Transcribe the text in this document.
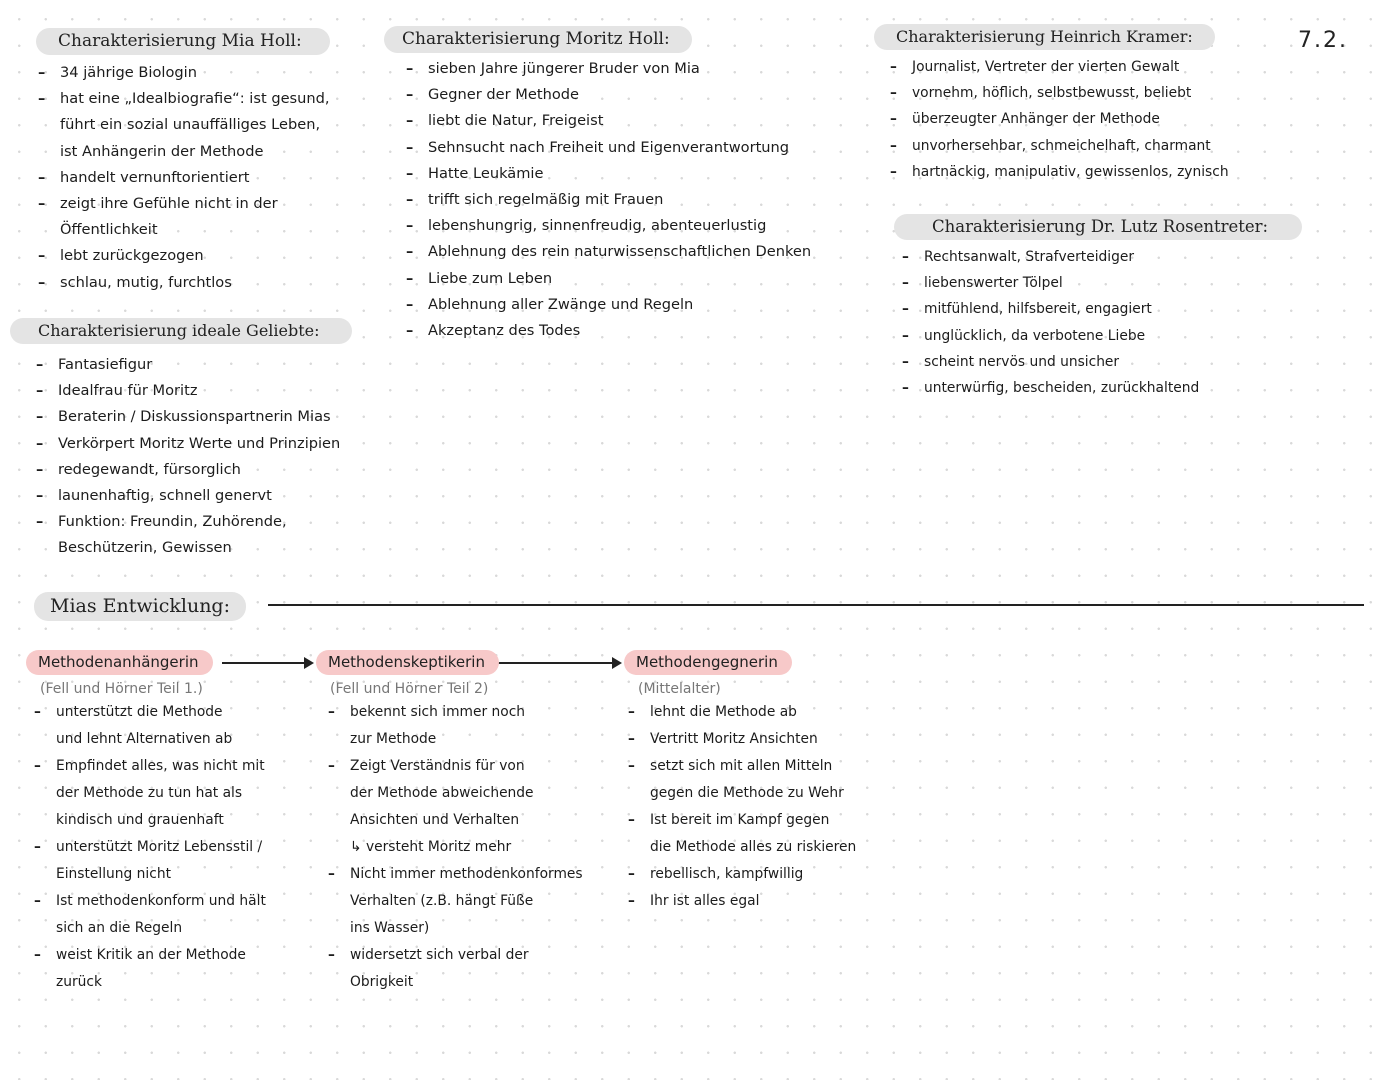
7.2.
Charakterisierung Mia Holl:
– 34 jährige Biologin
– hat eine „Idealbiografie“: ist gesund,
führt ein sozial unauffälliges Leben,
ist Anhängerin der Methode
– handelt vernunftorientiert
– zeigt ihre Gefühle nicht in der
Öffentlichkeit
– lebt zurückgezogen
– schlau, mutig, furchtlos
Charakterisierung Moritz Holl:
– sieben Jahre jüngerer Bruder von Mia
– Gegner der Methode
– liebt die Natur, Freigeist
– Sehnsucht nach Freiheit und Eigenverantwortung
– Hatte Leukämie
– trifft sich regelmäßig mit Frauen
– lebenshungrig, sinnenfreudig, abenteuerlustig
– Ablehnung des rein naturwissenschaftlichen Denken
– Liebe zum Leben
– Ablehnung aller Zwänge und Regeln
– Akzeptanz des Todes
Charakterisierung Heinrich Kramer:
– Journalist, Vertreter der vierten Gewalt
– vornehm, höflich, selbstbewusst, beliebt
– überzeugter Anhänger der Methode
– unvorhersehbar, schmeichelhaft, charmant
– hartnäckig, manipulativ, gewissenlos, zynisch
Charakterisierung ideale Geliebte:
– Fantasiefigur
– Idealfrau für Moritz
– Beraterin / Diskussionspartnerin Mias
– Verkörpert Moritz Werte und Prinzipien
– redegewandt, fürsorglich
– launenhaftig, schnell genervt
– Funktion: Freundin, Zuhörende,
Beschützerin, Gewissen
Charakterisierung Dr. Lutz Rosentreter:
– Rechtsanwalt, Strafverteidiger
– liebenswerter Tölpel
– mitfühlend, hilfsbereit, engagiert
– unglücklich, da verbotene Liebe
– scheint nervös und unsicher
– unterwürfig, bescheiden, zurückhaltend
Mias Entwicklung:
Methodenanhängerin
(Fell und Hörner Teil 1.)
– unterstützt die Methode
und lehnt Alternativen ab
– Empfindet alles, was nicht mit
der Methode zu tun hat als
kindisch und grauenhaft
– unterstützt Moritz Lebensstil /
Einstellung nicht
– Ist methodenkonform und hält
sich an die Regeln
– weist Kritik an der Methode
zurück
Methodenskeptikerin
(Fell und Hörner Teil 2)
– bekennt sich immer noch
zur Methode
– Zeigt Verständnis für von
der Methode abweichende
Ansichten und Verhalten
↳ versteht Moritz mehr
– Nicht immer methodenkonformes
Verhalten (z.B. hängt Füße
ins Wasser)
– widersetzt sich verbal der
Obrigkeit
Methodengegnerin
(Mittelalter)
– lehnt die Methode ab
– Vertritt Moritz Ansichten
– setzt sich mit allen Mitteln
gegen die Methode zu Wehr
– Ist bereit im Kampf gegen
die Methode alles zu riskieren
– rebellisch, kampfwillig
– Ihr ist alles egal
